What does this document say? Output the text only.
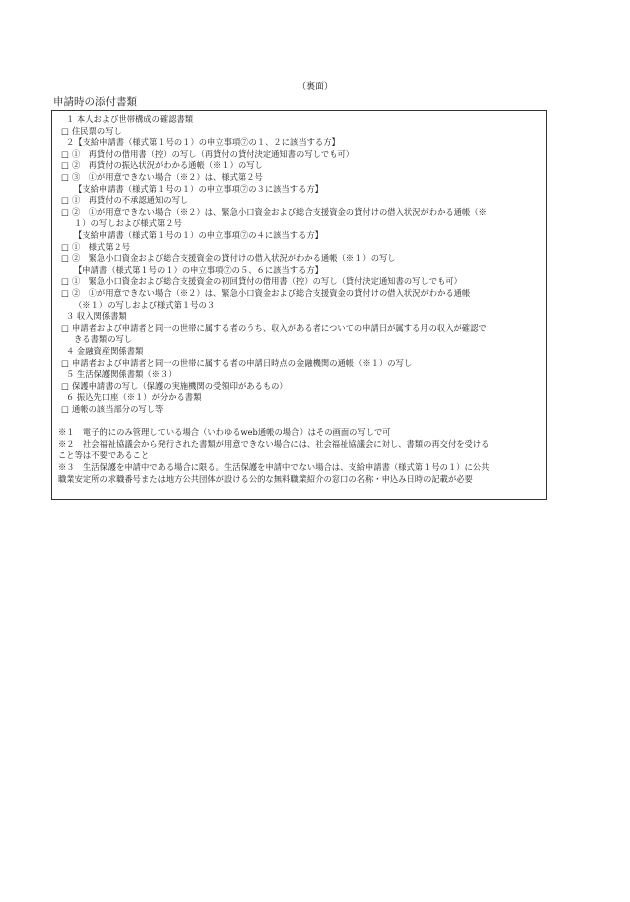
（裏面）
申請時の添付書類
１ 本人および世帯構成の確認書類
□ 住民票の写し
２【支給申請書（様式第１号の１）の申立事項⑦の１、２に該当する方】
□ ①　再貸付の借用書（控）の写し（再貸付の貸付決定通知書の写しでも可）
□ ②　再貸付の振込状況がわかる通帳（※１）の写し
□ ③　①が用意できない場合（※２）は、様式第２号
【支給申請書（様式第１号の１）の申立事項⑦の３に該当する方】
□ ①　再貸付の不承認通知の写し
□ ②　①が用意できない場合（※２）は、緊急小口資金および総合支援資金の貸付けの借入状況がわかる通帳（※
１）の写しおよび様式第２号
【支給申請書（様式第１号の１）の申立事項⑦の４に該当する方】
□ ①　様式第２号
□ ②　緊急小口資金および総合支援資金の貸付けの借入状況がわかる通帳（※１）の写し
【申請書（様式第１号の１）の申立事項⑦の５、６に該当する方】
□ ①　緊急小口資金および総合支援資金の初回貸付の借用書（控）の写し（貸付決定通知書の写しでも可）
□ ②　①が用意できない場合（※２）は、緊急小口資金および総合支援資金の貸付けの借入状況がわかる通帳
（※１）の写しおよび様式第１号の３
３ 収入関係書類
□ 申請者および申請者と同一の世帯に属する者のうち、収入がある者についての申請日が属する月の収入が確認で
きる書類の写し
４ 金融資産関係書類
□ 申請者および申請者と同一の世帯に属する者の申請日時点の金融機関の通帳（※１）の写し
５ 生活保護関係書類（※３）
□ 保護申請書の写し（保護の実施機関の受領印があるもの）
６ 振込先口座（※１）が分かる書類
□ 通帳の該当部分の写し等
※１　電子的にのみ管理している場合（いわゆるweb通帳の場合）はその画面の写しで可
※２　社会福祉協議会から発行された書類が用意できない場合には、社会福祉協議会に対し、書類の再交付を受ける
こと等は不要であること
※３　生活保護を申請中である場合に限る。生活保護を申請中でない場合は、支給申請書（様式第１号の１）に公共
職業安定所の求職番号または地方公共団体が設ける公的な無料職業紹介の窓口の名称・申込み日時の記載が必要
